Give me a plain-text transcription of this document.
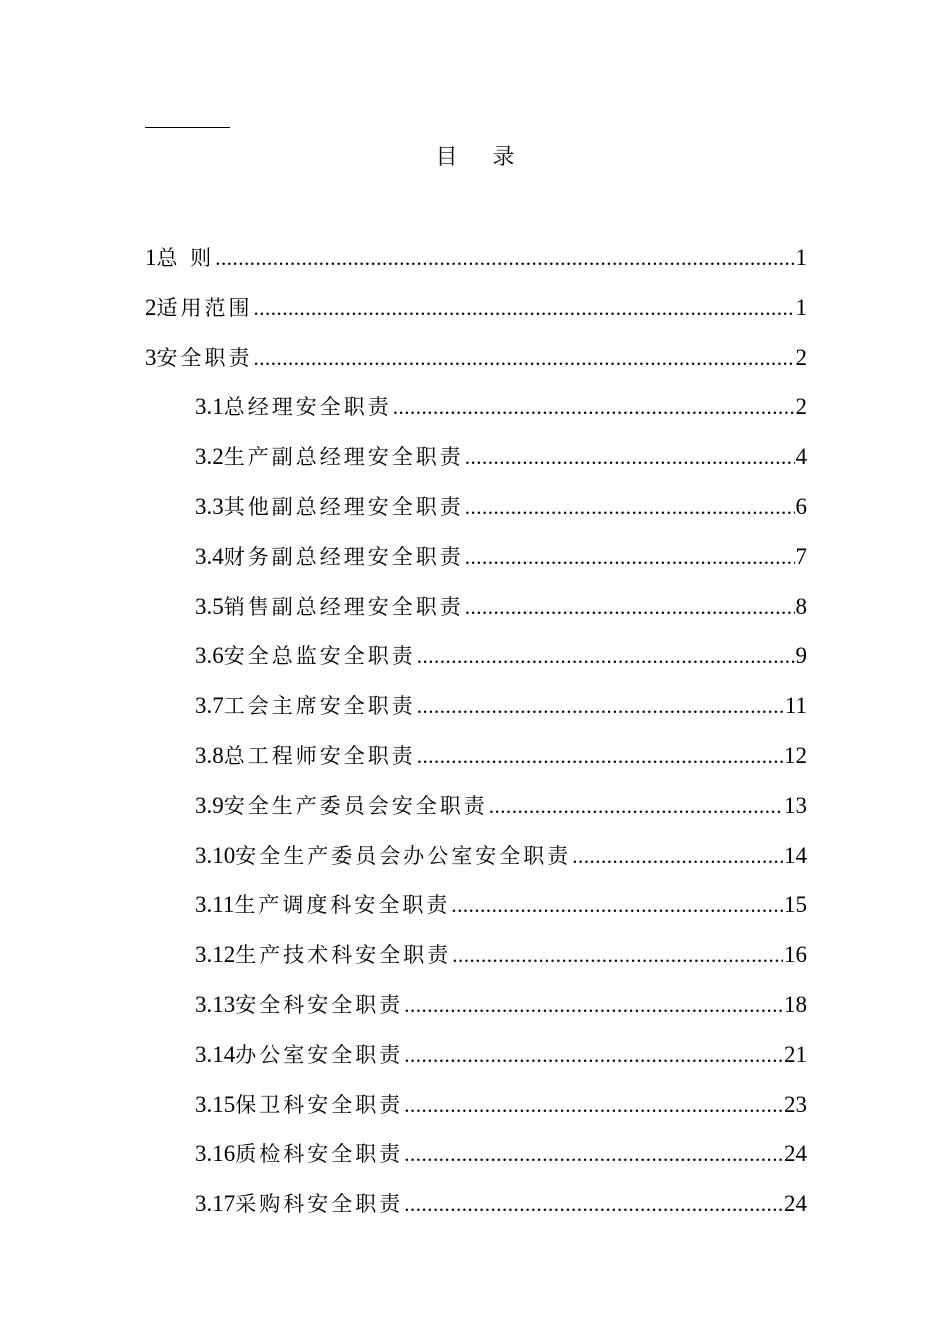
目 录
1 总 则 .....	1
2 适用范围 .....	1
3 安全职责 .....	2
3.1 总经理安全职责 .....	2
3.2 生产副总经理安全职责 .....	4
3.3 其他副总经理安全职责 .....	6
3.4 财务副总经理安全职责 .....	7
3.5 销售副总经理安全职责 .....	8
3.6 安全总监安全职责 .....	9
3.7 工会主席安全职责 .....	11
3.8 总工程师安全职责 .....	12
3.9 安全生产委员会安全职责 .....	13
3.10 安全生产委员会办公室安全职责 .....	14
3.11 生产调度科安全职责 .....	15
3.12 生产技术科安全职责 .....	16
3.13 安全科安全职责 .....	18
3.14 办公室安全职责 .....	21
3.15 保卫科安全职责 .....	23
3.16 质检科安全职责 .....	24
3.17 采购科安全职责 .....	24
